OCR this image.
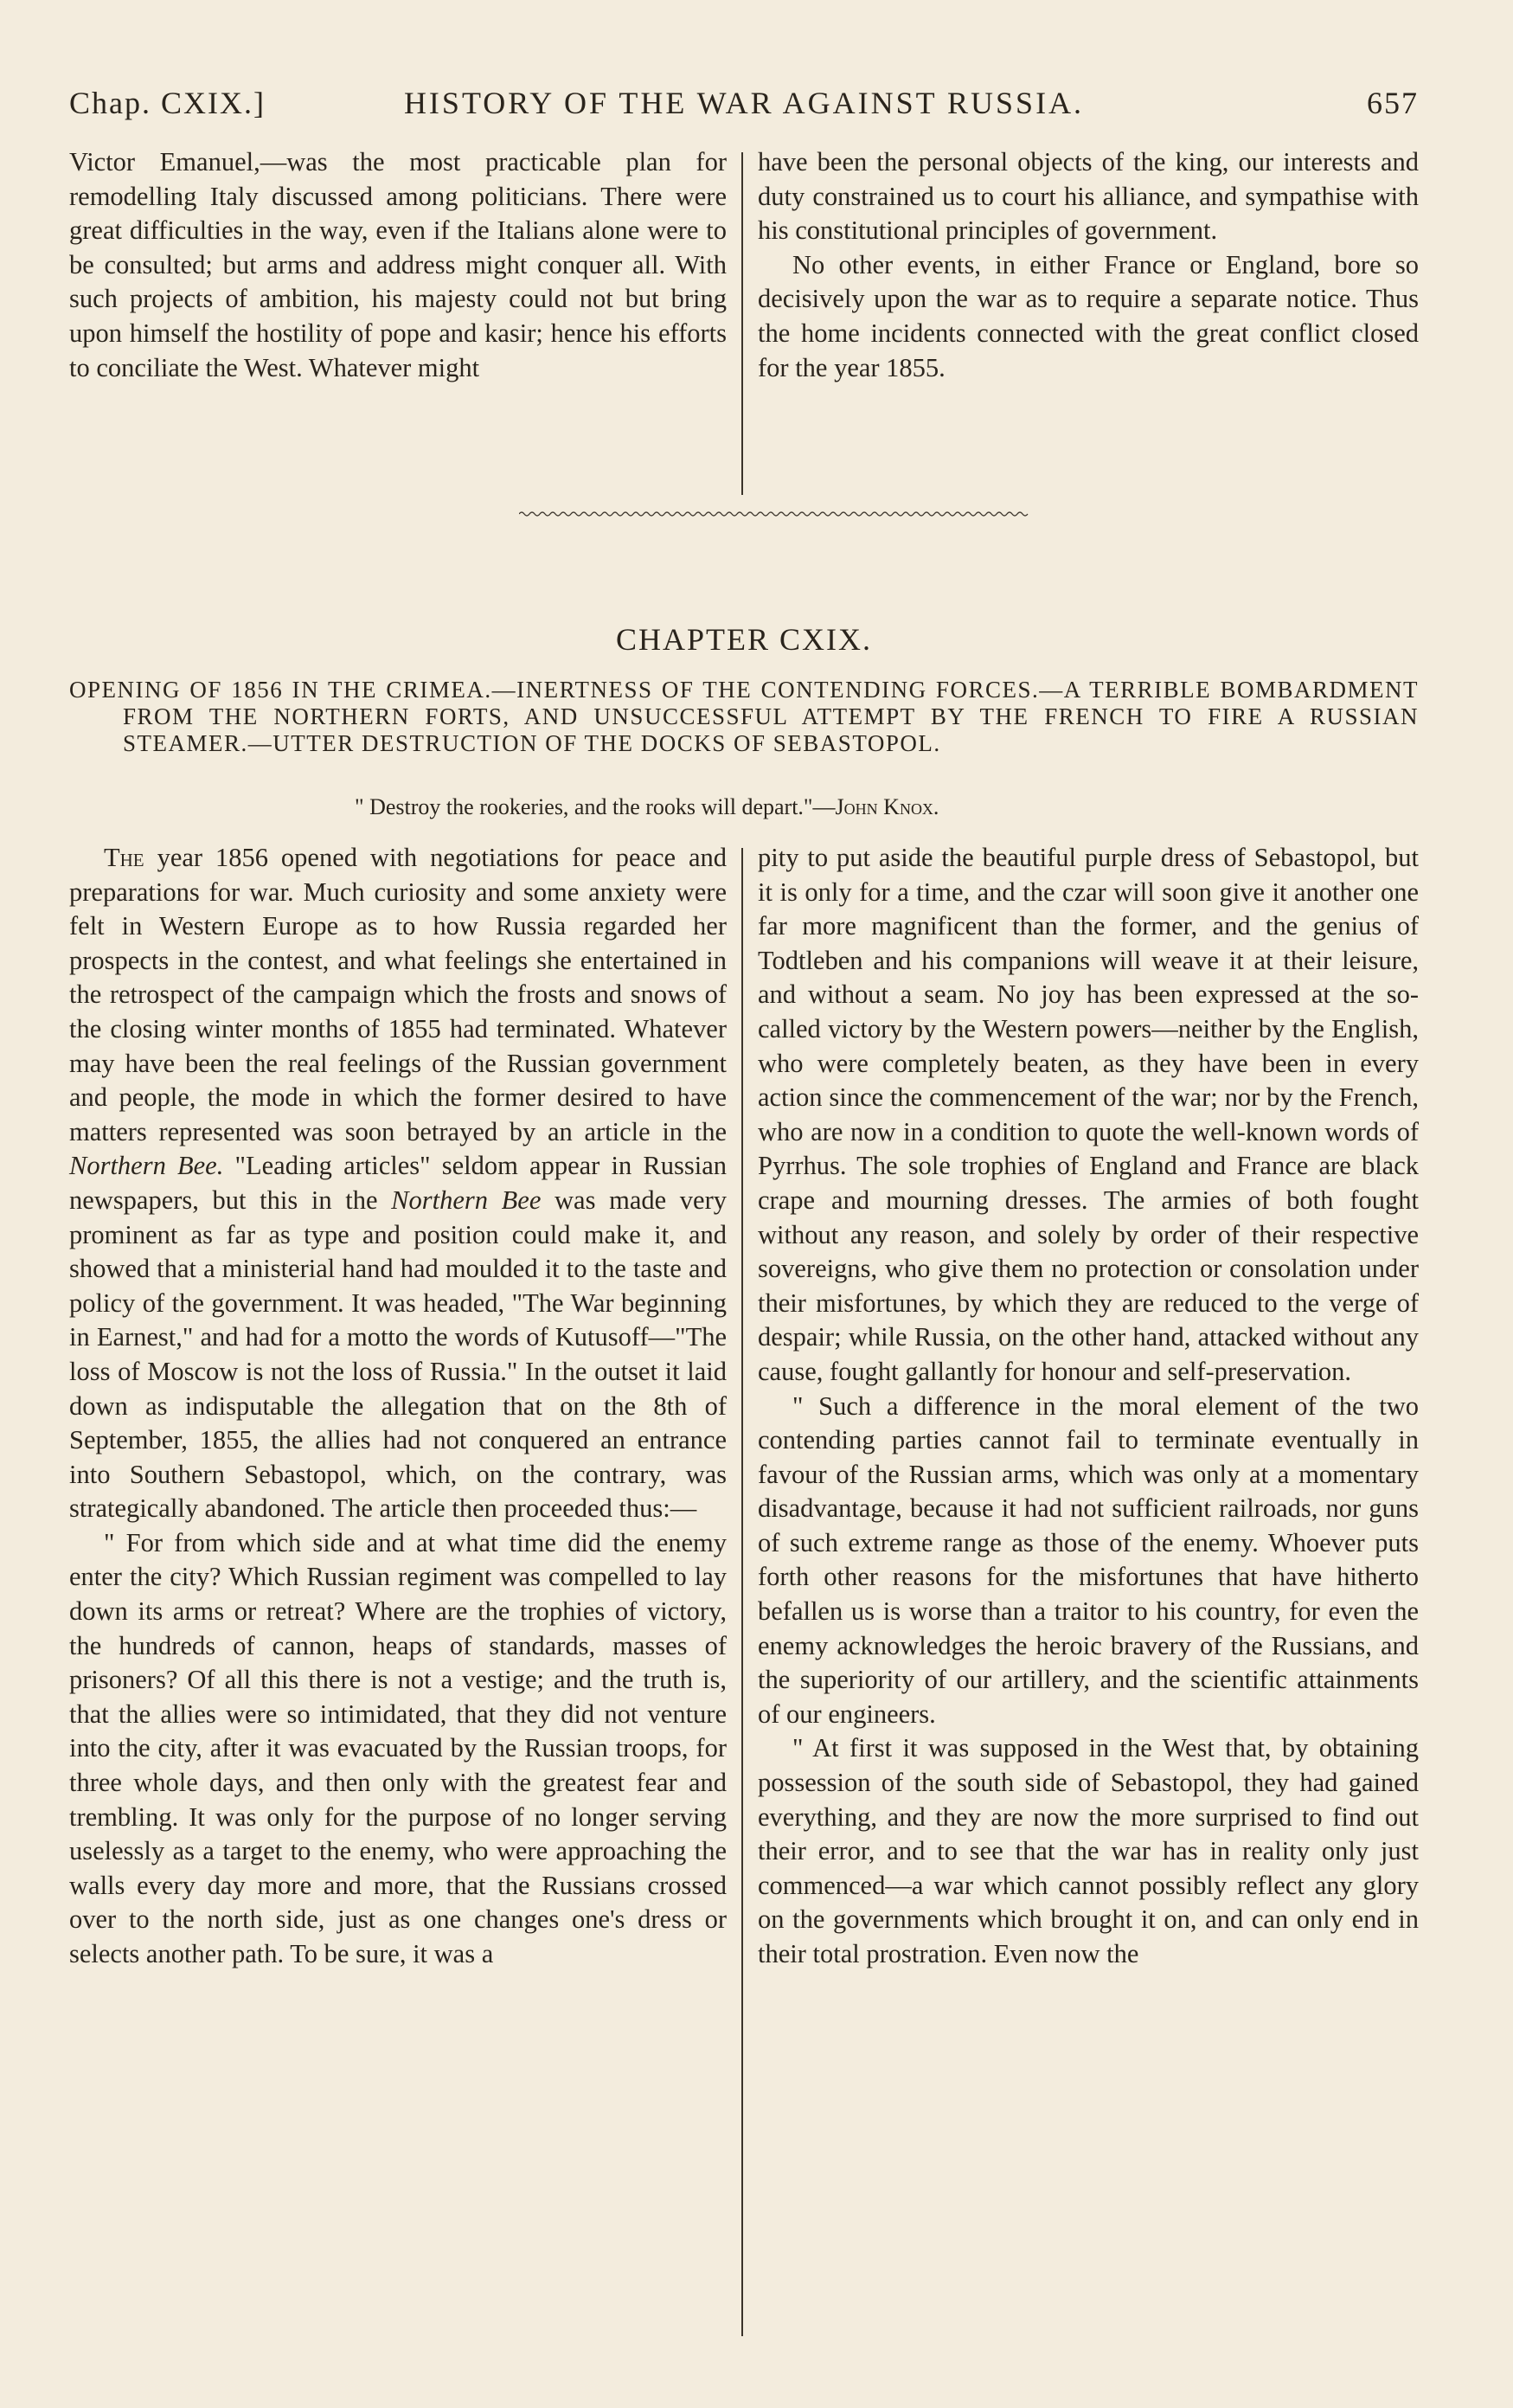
Chap. CXIX.]	HISTORY OF THE WAR AGAINST RUSSIA.	657

Victor Emanuel,—was the most practicable plan for remodelling Italy discussed among politicians. There were great difficulties in the way, even if the Italians alone were to be consulted; but arms and address might conquer all. With such projects of ambition, his majesty could not but bring upon himself the hostility of pope and kasir; hence his efforts to conciliate the West. Whatever might

have been the personal objects of the king, our interests and duty constrained us to court his alliance, and sympathise with his constitutional principles of government.

No other events, in either France or England, bore so decisively upon the war as to require a separate notice. Thus the home incidents connected with the great conflict closed for the year 1855.

CHAPTER CXIX.
OPENING OF 1856 IN THE CRIMEA.—INERTNESS OF THE CONTENDING FORCES.—A TERRIBLE BOMBARDMENT FROM THE NORTHERN FORTS, AND UNSUCCESSFUL ATTEMPT BY THE FRENCH TO FIRE A RUSSIAN STEAMER.—UTTER DESTRUCTION OF THE DOCKS OF SEBASTOPOL.
" Destroy the rookeries, and the rooks will depart."—John Knox.

The year 1856 opened with negotiations for peace and preparations for war. Much curiosity and some anxiety were felt in Western Europe as to how Russia regarded her prospects in the contest, and what feelings she entertained in the retrospect of the campaign which the frosts and snows of the closing winter months of 1855 had terminated. Whatever may have been the real feelings of the Russian government and people, the mode in which the former desired to have matters represented was soon betrayed by an article in the Northern Bee. "Leading articles" seldom appear in Russian newspapers, but this in the Northern Bee was made very prominent as far as type and position could make it, and showed that a ministerial hand had moulded it to the taste and policy of the government. It was headed, "The War beginning in Earnest," and had for a motto the words of Kutusoff—"The loss of Moscow is not the loss of Russia." In the outset it laid down as indisputable the allegation that on the 8th of September, 1855, the allies had not conquered an entrance into Southern Sebastopol, which, on the contrary, was strategically abandoned. The article then proceeded thus:—

" For from which side and at what time did the enemy enter the city? Which Russian regiment was compelled to lay down its arms or retreat? Where are the trophies of victory, the hundreds of cannon, heaps of standards, masses of prisoners? Of all this there is not a vestige; and the truth is, that the allies were so intimidated, that they did not venture into the city, after it was evacuated by the Russian troops, for three whole days, and then only with the greatest fear and trembling. It was only for the purpose of no longer serving uselessly as a target to the enemy, who were approaching the walls every day more and more, that the Russians crossed over to the north side, just as one changes one's dress or selects another path. To be sure, it was a

pity to put aside the beautiful purple dress of Sebastopol, but it is only for a time, and the czar will soon give it another one far more magnificent than the former, and the genius of Todtleben and his companions will weave it at their leisure, and without a seam. No joy has been expressed at the so-called victory by the Western powers—neither by the English, who were completely beaten, as they have been in every action since the commencement of the war; nor by the French, who are now in a condition to quote the well-known words of Pyrrhus. The sole trophies of England and France are black crape and mourning dresses. The armies of both fought without any reason, and solely by order of their respective sovereigns, who give them no protection or consolation under their misfortunes, by which they are reduced to the verge of despair; while Russia, on the other hand, attacked without any cause, fought gallantly for honour and self-preservation.

" Such a difference in the moral element of the two contending parties cannot fail to terminate eventually in favour of the Russian arms, which was only at a momentary disadvantage, because it had not sufficient railroads, nor guns of such extreme range as those of the enemy. Whoever puts forth other reasons for the misfortunes that have hitherto befallen us is worse than a traitor to his country, for even the enemy acknowledges the heroic bravery of the Russians, and the superiority of our artillery, and the scientific attainments of our engineers.

" At first it was supposed in the West that, by obtaining possession of the south side of Sebastopol, they had gained everything, and they are now the more surprised to find out their error, and to see that the war has in reality only just commenced—a war which cannot possibly reflect any glory on the governments which brought it on, and can only end in their total prostration. Even now the
